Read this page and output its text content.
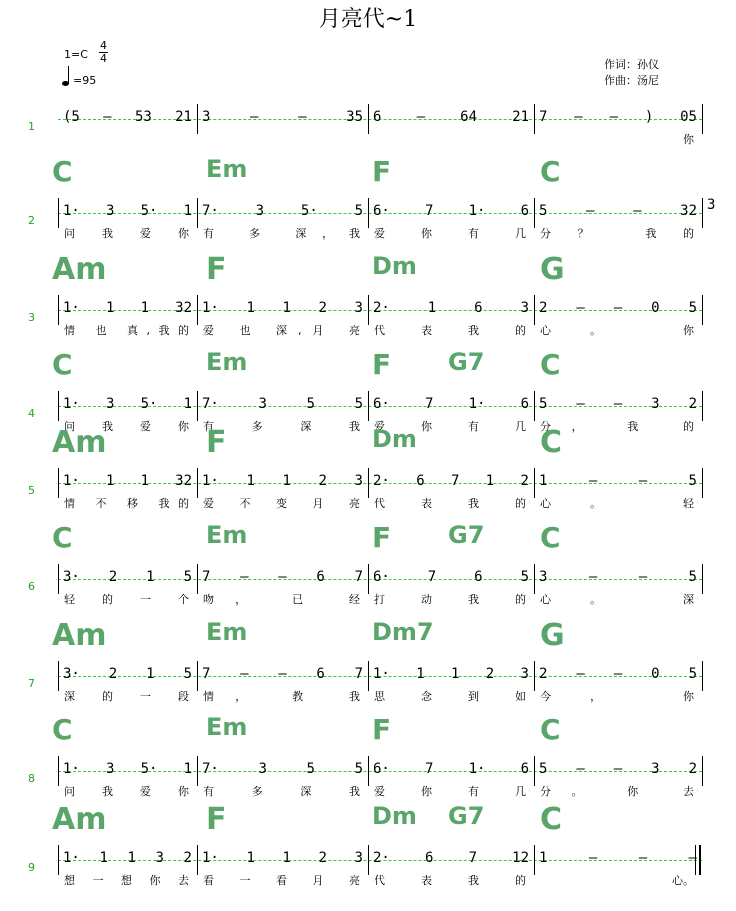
月亮代~1
1=C
4
4
=95
作词：孙仪
作曲：汤尼
1
(5 — 53 21 3 — — 35 6 — 64 21 7 — — ) 05
你
2
1· 3 5· 1 7· 3 5· 5 6· 7 1· 6 5 — — 32
问 我 爱 你 有 多 深，我 爱 你 有 几 分？ 我的
C	Em	F	C
3
3
1· 1 1 32 1· 1 1 2 3 2· 1 6 3 2 — — 0 5
情 也 真,我的 爱 也 深,月 亮 代 表 我 的 心。 你
Am	F	Dm	G
4
1· 3 5· 1 7· 3 5 5 6· 7 1· 6 5 — — 3 2
问 我 爱 你 有 多 深 我 爱 你 有 几 分， 我 的
C	Em	F G7 C
5
1· 1 1 32 1· 1 1 2 3 2· 6 7 1 2 1 — — 5
情 不 移 我的 爱 不 变 月 亮 代 表 我 的 心。 轻
Am	F	Dm	C
6
3· 2 1 5 7 — — 6 7 6· 7 6 5 3 — — 5
轻 的 一 个 吻， 已 经 打 动 我 的 心。 深
C	Em	F G7 C
7
3· 2 1 5 7 — — 6 7 1· 1 1 2 3 2 — — 0 5
深 的 一 段 情， 教 我 思 念 到 如 今， 你
Am	Em	Dm7	G
8
1· 3 5· 1 7· 3 5 5 6· 7 1· 6 5 — — 3 2
问 我 爱 你 有 多 深 我 爱 你 有 几 分。 你 去
C	Em	F	C
9
1· 1 1 3 2 1· 1 1 2 3 2· 6 7 12 1 — — —
想 一 想 你 去 看 一 看 月 亮 代 表 我 的	心。
Am	F	Dm G7 C
